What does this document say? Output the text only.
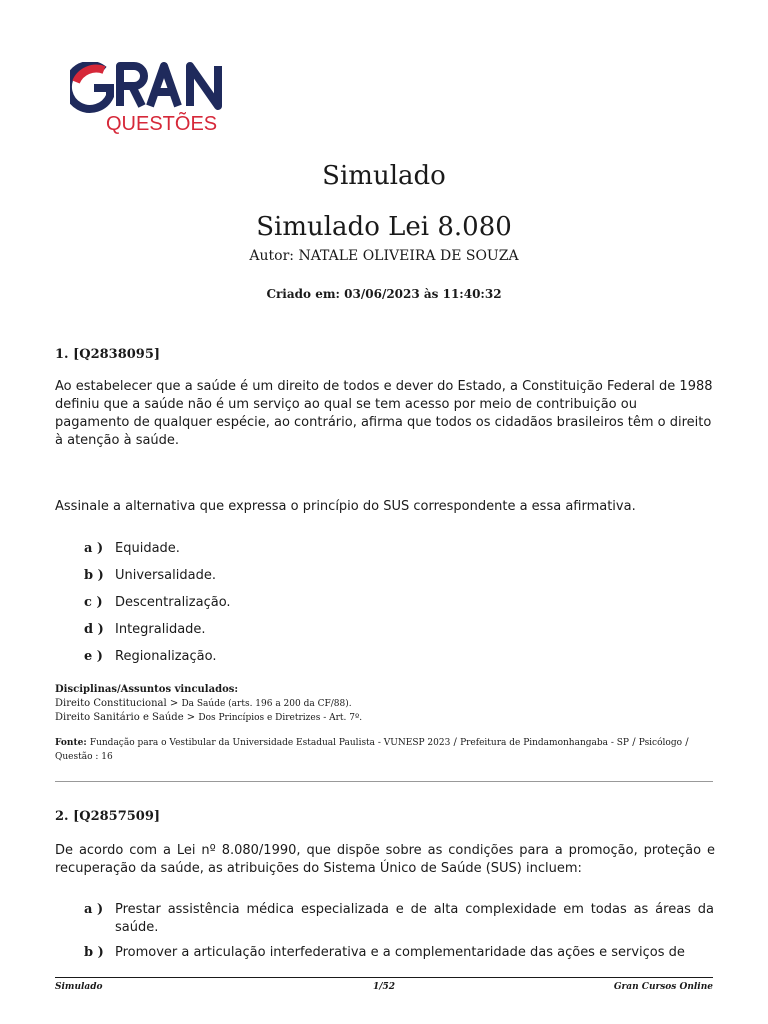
QUESTÕES
Simulado
Simulado Lei 8.080
Autor: NATALE OLIVEIRA DE SOUZA
Criado em: 03/06/2023 às 11:40:32
1. [Q2838095]
Ao estabelecer que a saúde é um direito de todos e dever do Estado, a Constituição Federal de 1988 definiu que a saúde não é um serviço ao qual se tem acesso por meio de contribuição ou pagamento de qualquer espécie, ao contrário, afirma que todos os cidadãos brasileiros têm o direito à atenção à saúde.
Assinale a alternativa que expressa o princípio do SUS correspondente a essa afirmativa.
a ) Equidade.
b ) Universalidade.
c ) Descentralização.
d ) Integralidade.
e ) Regionalização.
Disciplinas/Assuntos vinculados:
Direito Constitucional > Da Saúde (arts. 196 a 200 da CF/88).
Direito Sanitário e Saúde > Dos Princípios e Diretrizes - Art. 7º.
Fonte: Fundação para o Vestibular da Universidade Estadual Paulista - VUNESP 2023 / Prefeitura de Pindamonhangaba - SP / Psicólogo / Questão : 16
2. [Q2857509]
De acordo com a Lei nº 8.080/1990, que dispõe sobre as condições para a promoção, proteção e recuperação da saúde, as atribuições do Sistema Único de Saúde (SUS) incluem:
a ) Prestar assistência médica especializada e de alta complexidade em todas as áreas da saúde.
b ) Promover a articulação interfederativa e a complementaridade das ações e serviços de
Simulado	1/52	Gran Cursos Online
